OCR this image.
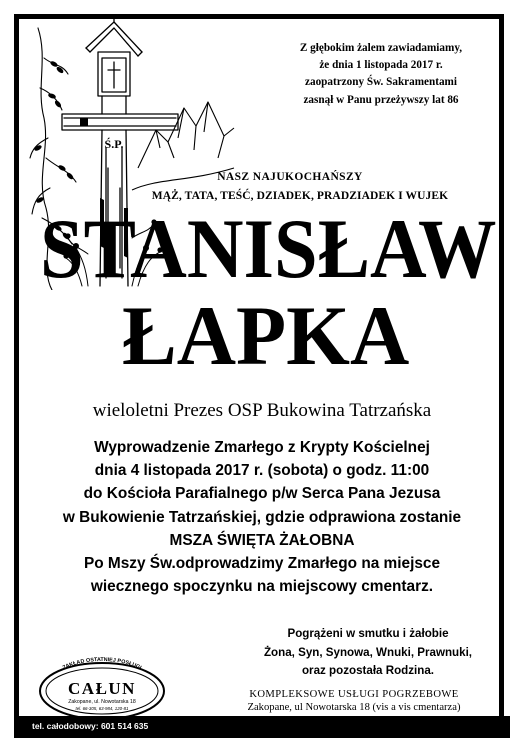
tel. całodobowy: 601 514 635
Ś.P.
Z głębokim żalem zawiadamiamy,
że dnia 1 listopada 2017 r.
zaopatrzony Św. Sakramentami
zasnął w Panu przeżywszy lat 86
NASZ NAJUKOCHAŃSZY
MĄŻ, TATA, TEŚĆ, DZIADEK, PRADZIADEK I WUJEK
STANISŁAW
ŁAPKA
wieloletni Prezes OSP Bukowina Tatrzańska
Wyprowadzenie Zmarłego z Krypty Kościelnej
dnia 4 listopada 2017 r. (sobota) o godz. 11:00
do Kościoła Parafialnego p/w Serca Pana Jezusa
w Bukowienie Tatrzańskiej, gdzie odprawiona zostanie
MSZA ŚWIĘTA ŻAŁOBNA
Po Mszy Św.odprowadzimy Zmarłego na miejsce
wiecznego spoczynku na miejscowy cmentarz.
Pogrążeni w smutku i żałobie
Żona, Syn, Synowa, Wnuki, Prawnuki,
oraz pozostała Rodzina.
ZAKŁAD OSTATNIEJ POSŁUGI
CAŁUN
Zakopane, ul. Nowotarska 18
tel. 66-305, 63-984, 120-81
KOMPLEKSOWE USŁUGI POGRZEBOWE
Zakopane, ul Nowotarska 18 (vis a vis cmentarza)
całodobowy tel. 798 467 667, 601 514 635
